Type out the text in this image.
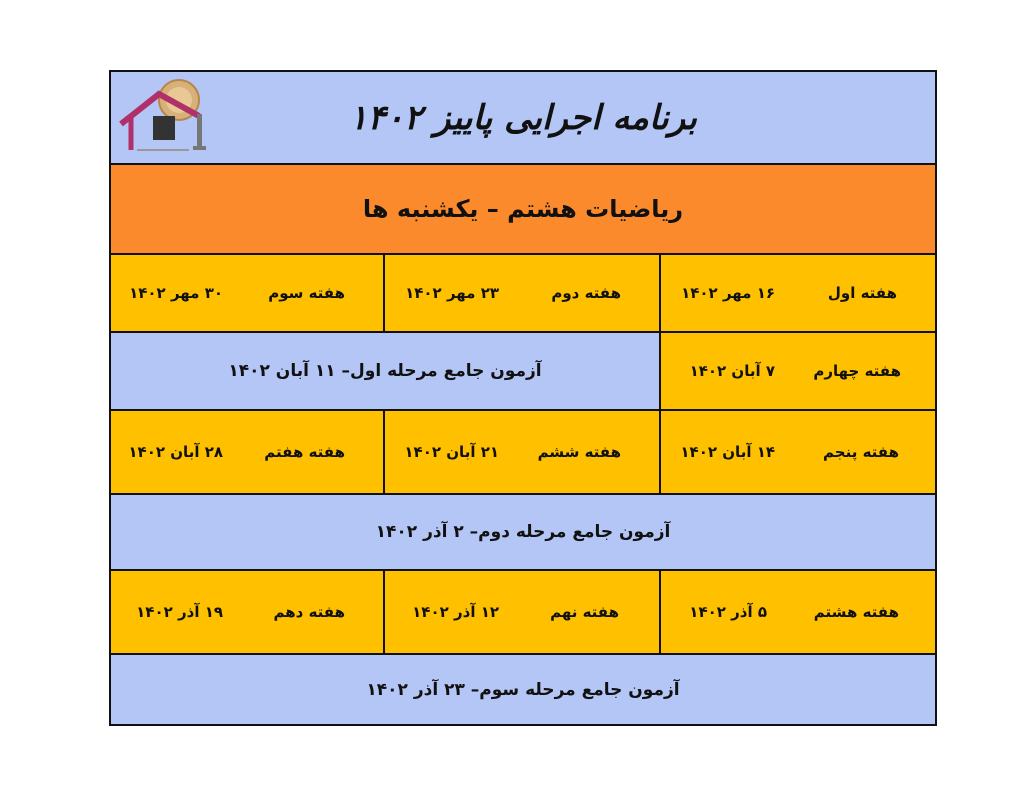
برنامه اجرایی پاییز ۱۴۰۲
ریاضیات هشتم – یکشنبه ها
هفته اول
۱۶ مهر ۱۴۰۲
هفته دوم
۲۳ مهر ۱۴۰۲
هفته سوم
۳۰ مهر ۱۴۰۲
هفته چهارم
۷ آبان ۱۴۰۲
آزمون جامع مرحله اول– ۱۱ آبان ۱۴۰۲
هفته پنجم
۱۴ آبان ۱۴۰۲
هفته ششم
۲۱ آبان ۱۴۰۲
هفته هفتم
۲۸ آبان ۱۴۰۲
آزمون جامع مرحله دوم– ۲ آذر ۱۴۰۲
هفته هشتم
۵ آذر ۱۴۰۲
هفته نهم
۱۲ آذر ۱۴۰۲
هفته دهم
۱۹ آذر ۱۴۰۲
آزمون جامع مرحله سوم– ۲۳ آذر ۱۴۰۲
